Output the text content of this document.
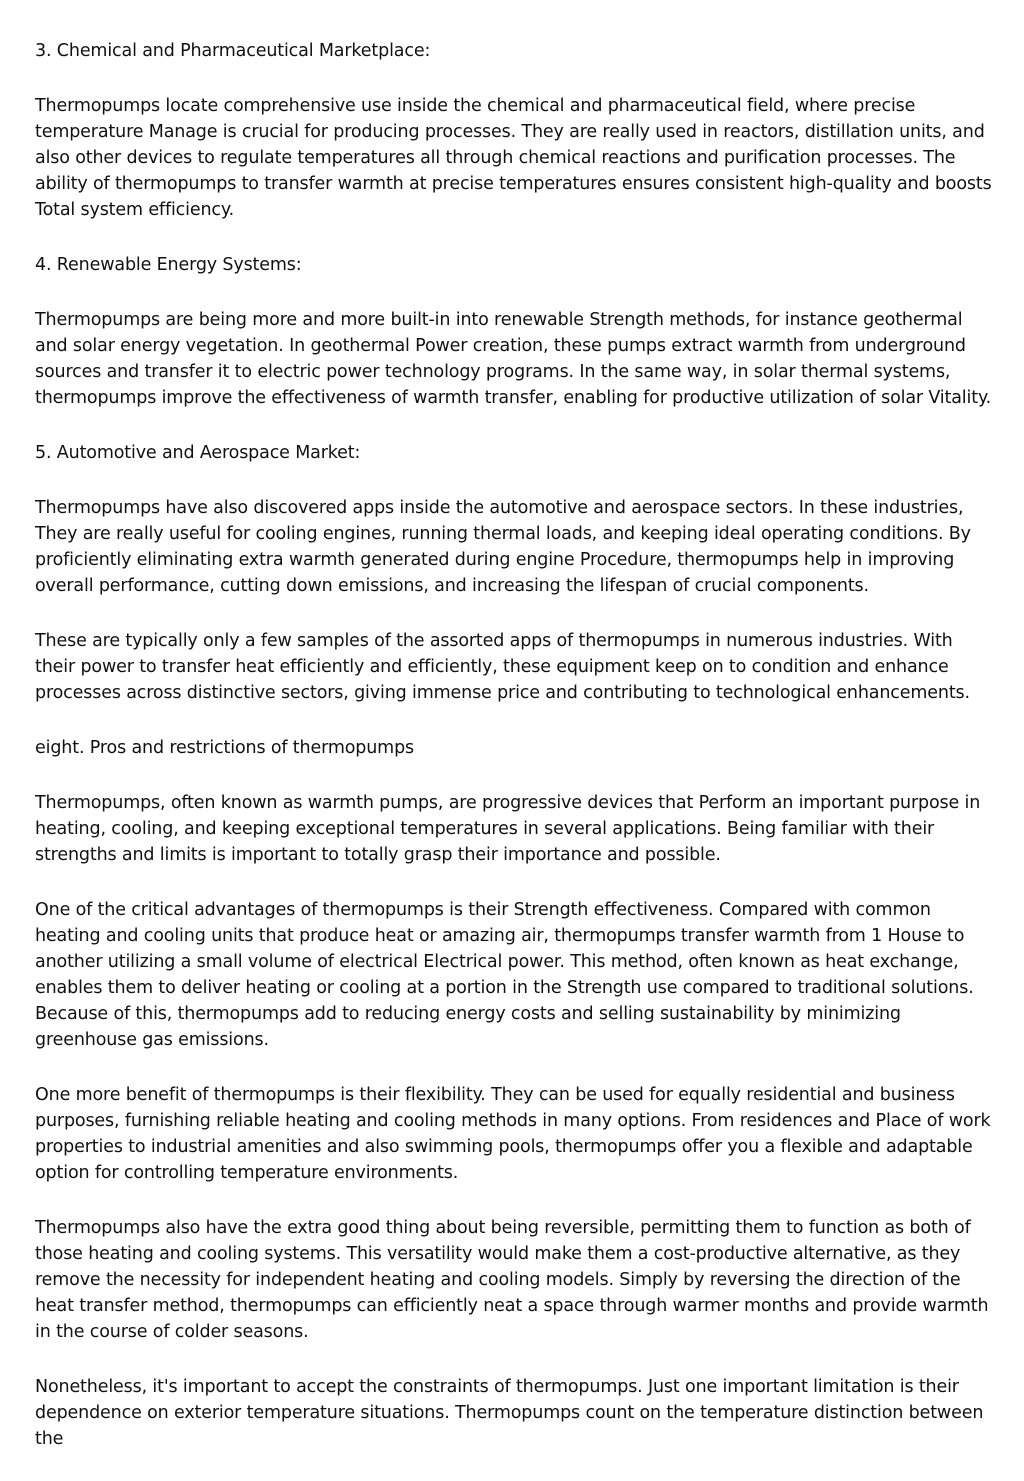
3. Chemical and Pharmaceutical Marketplace:

Thermopumps locate comprehensive use inside the chemical and pharmaceutical field, where precise temperature Manage is crucial for producing processes. They are really used in reactors, distillation units, and also other devices to regulate temperatures all through chemical reactions and purification processes. The ability of thermopumps to transfer warmth at precise temperatures ensures consistent high-quality and boosts Total system efficiency.

4. Renewable Energy Systems:

Thermopumps are being more and more built-in into renewable Strength methods, for instance geothermal and solar energy vegetation. In geothermal Power creation, these pumps extract warmth from underground sources and transfer it to electric power technology programs. In the same way, in solar thermal systems, thermopumps improve the effectiveness of warmth transfer, enabling for productive utilization of solar Vitality.

5. Automotive and Aerospace Market:

Thermopumps have also discovered apps inside the automotive and aerospace sectors. In these industries, They are really useful for cooling engines, running thermal loads, and keeping ideal operating conditions. By proficiently eliminating extra warmth generated during engine Procedure, thermopumps help in improving overall performance, cutting down emissions, and increasing the lifespan of crucial components.

These are typically only a few samples of the assorted apps of thermopumps in numerous industries. With their power to transfer heat efficiently and efficiently, these equipment keep on to condition and enhance processes across distinctive sectors, giving immense price and contributing to technological enhancements.

eight. Pros and restrictions of thermopumps

Thermopumps, often known as warmth pumps, are progressive devices that Perform an important purpose in heating, cooling, and keeping exceptional temperatures in several applications. Being familiar with their strengths and limits is important to totally grasp their importance and possible.

One of the critical advantages of thermopumps is their Strength effectiveness. Compared with common heating and cooling units that produce heat or amazing air, thermopumps transfer warmth from 1 House to another utilizing a small volume of electrical Electrical power. This method, often known as heat exchange, enables them to deliver heating or cooling at a portion in the Strength use compared to traditional solutions. Because of this, thermopumps add to reducing energy costs and selling sustainability by minimizing greenhouse gas emissions.

One more benefit of thermopumps is their flexibility. They can be used for equally residential and business purposes, furnishing reliable heating and cooling methods in many options. From residences and Place of work properties to industrial amenities and also swimming pools, thermopumps offer you a flexible and adaptable option for controlling temperature environments.

Thermopumps also have the extra good thing about being reversible, permitting them to function as both of those heating and cooling systems. This versatility would make them a cost-productive alternative, as they remove the necessity for independent heating and cooling models. Simply by reversing the direction of the heat transfer method, thermopumps can efficiently neat a space through warmer months and provide warmth in the course of colder seasons.

Nonetheless, it's important to accept the constraints of thermopumps. Just one important limitation is their dependence on exterior temperature situations. Thermopumps count on the temperature distinction between the
